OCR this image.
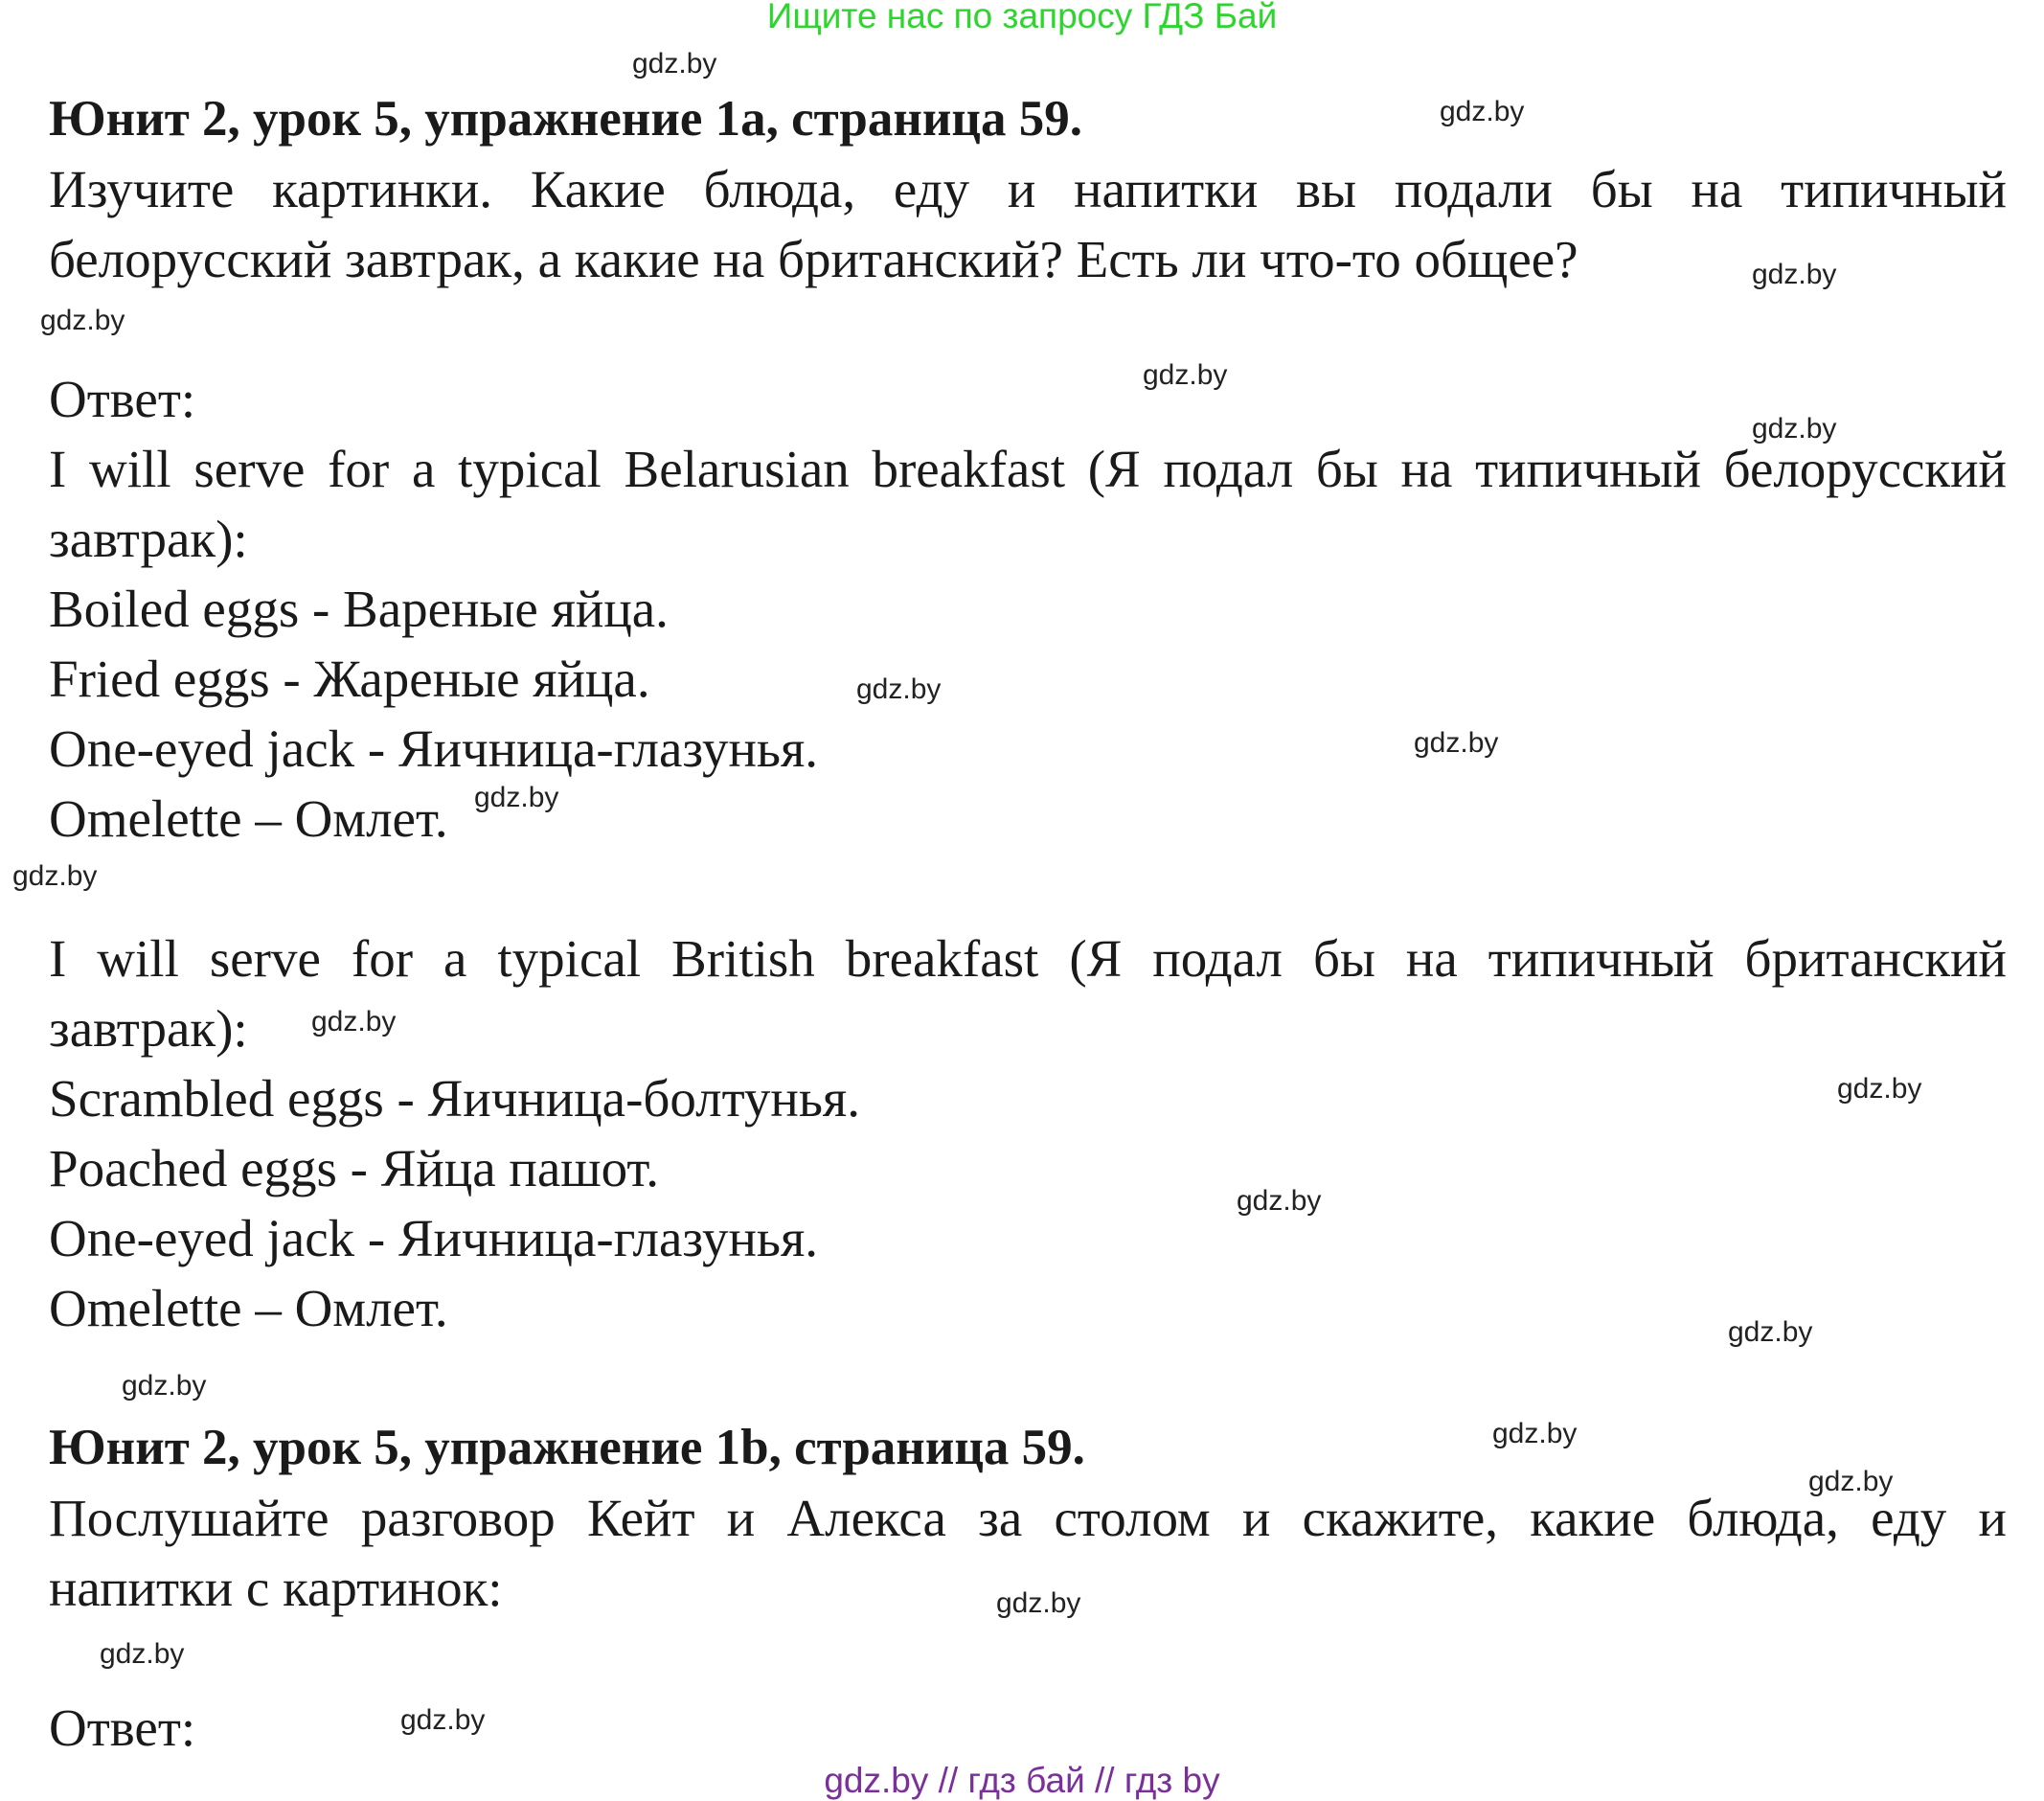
Ищите нас по запросу ГДЗ Бай
Юнит 2, урок 5, упражнение 1a, страница 59.
Изучите картинки. Какие блюда, еду и напитки вы подали бы на типичный
белорусский завтрак, а какие на британский? Есть ли что-то общее?
Ответ:
I will serve for a typical Belarusian breakfast (Я подал бы на типичный белорусский
завтрак):
Boiled eggs - Вареные яйца.
Fried eggs - Жареные яйца.
One-eyed jack - Яичница-глазунья.
Omelette – Омлет.
I will serve for a typical British breakfast (Я подал бы на типичный британский
завтрак):
Scrambled eggs - Яичница-болтунья.
Poached eggs - Яйца пашот.
One-eyed jack - Яичница-глазунья.
Omelette – Омлет.
Юнит 2, урок 5, упражнение 1b, страница 59.
Послушайте разговор Кейт и Алекса за столом и скажите, какие блюда, еду и
напитки с картинок:
Ответ:
gdz.by
gdz.by
gdz.by
gdz.by
gdz.by
gdz.by
gdz.by
gdz.by
gdz.by
gdz.by
gdz.by
gdz.by
gdz.by
gdz.by
gdz.by
gdz.by
gdz.by
gdz.by
gdz.by
gdz.by
gdz.by // гдз бай // гдз by
